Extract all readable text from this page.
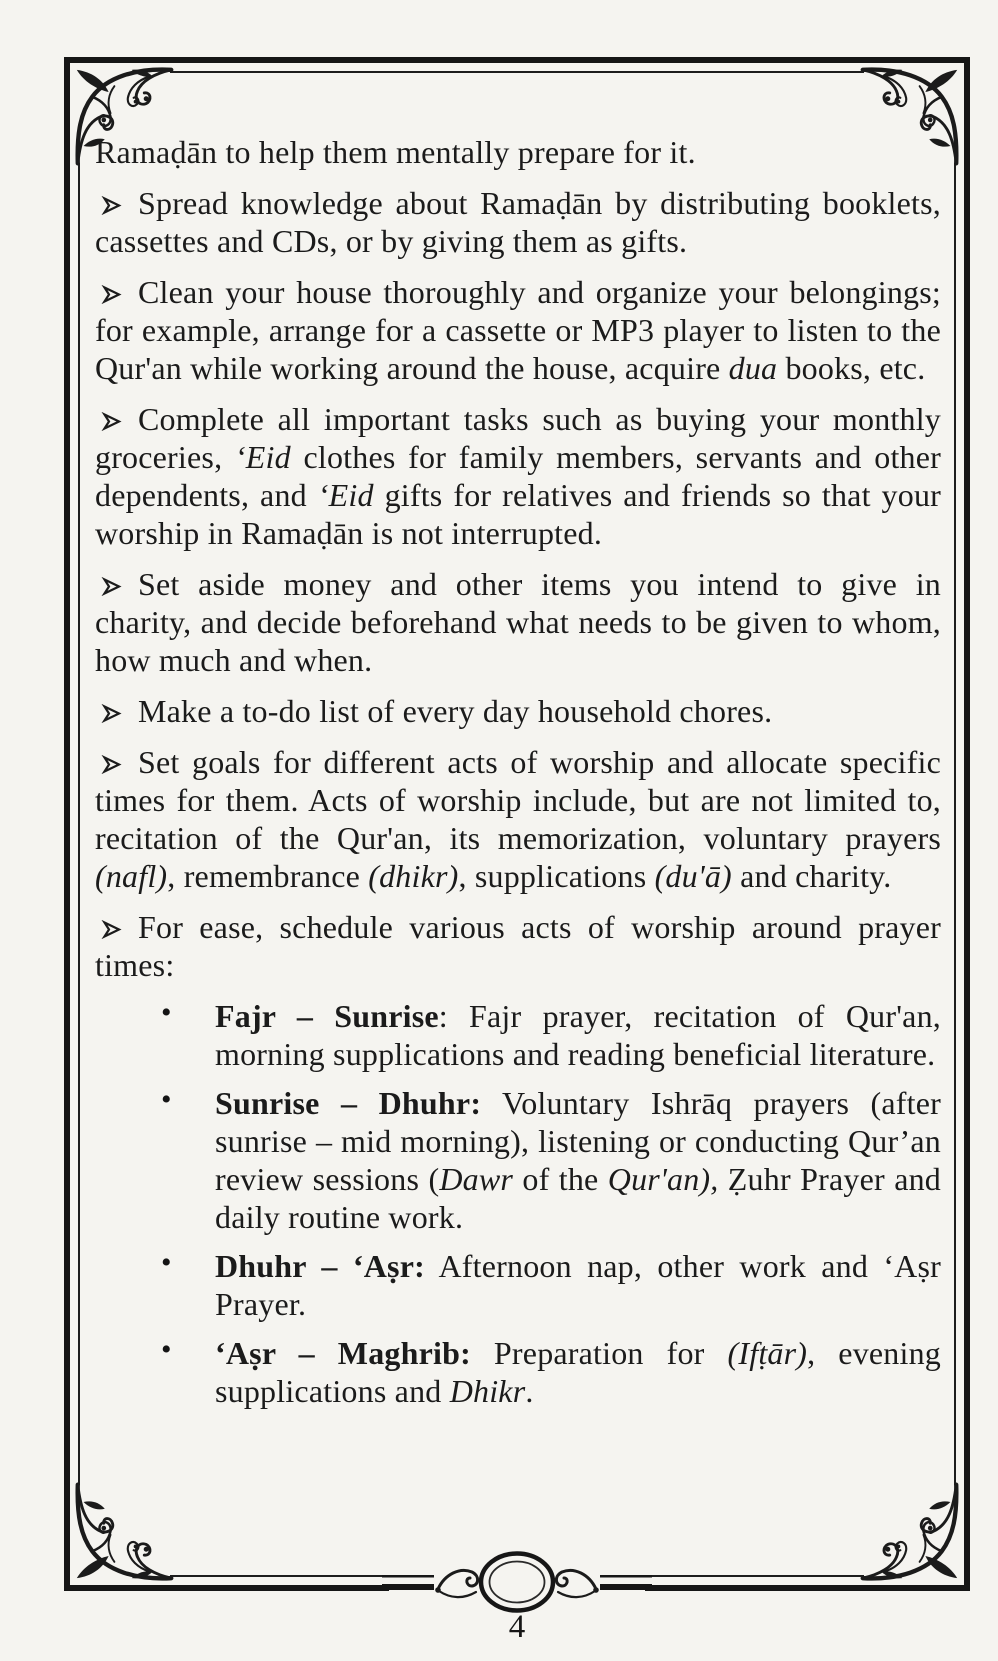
Ramaḍān to help them mentally prepare for it.

Spread knowledge about Ramaḍān by distributing booklets, cassettes and CDs, or by giving them as gifts.

Clean your house thoroughly and organize your belongings; for example, arrange for a cassette or MP3 player to listen to the Qur'an while working around the house, acquire dua books, etc.

Complete all important tasks such as buying your monthly groceries, ‘Eid clothes for family members, servants and other dependents, and ‘Eid gifts for relatives and friends so that your worship in Ramaḍān is not interrupted.

Set aside money and other items you intend to give in charity, and decide beforehand what needs to be given to whom, how much and when.

Make a to-do list of every day household chores.

Set goals for different acts of worship and allocate specific times for them. Acts of worship include, but are not limited to, recitation of the Qur'an, its memorization, voluntary prayers (nafl), remembrance (dhikr), supplications (du'ā) and charity.

For ease, schedule various acts of worship around prayer times:

• Fajr – Sunrise: Fajr prayer, recitation of Qur'an, morning supplications and reading beneficial literature.

• Sunrise – Dhuhr: Voluntary Ishrāq prayers (after sunrise – mid morning), listening or conducting Qur’an review sessions (Dawr of the Qur'an), Ẓuhr Prayer and daily routine work.

• Dhuhr – ‘Aṣr: Afternoon nap, other work and ‘Aṣr Prayer.

• ‘Aṣr – Maghrib: Preparation for (Ifṭār), evening supplications and Dhikr.

4
